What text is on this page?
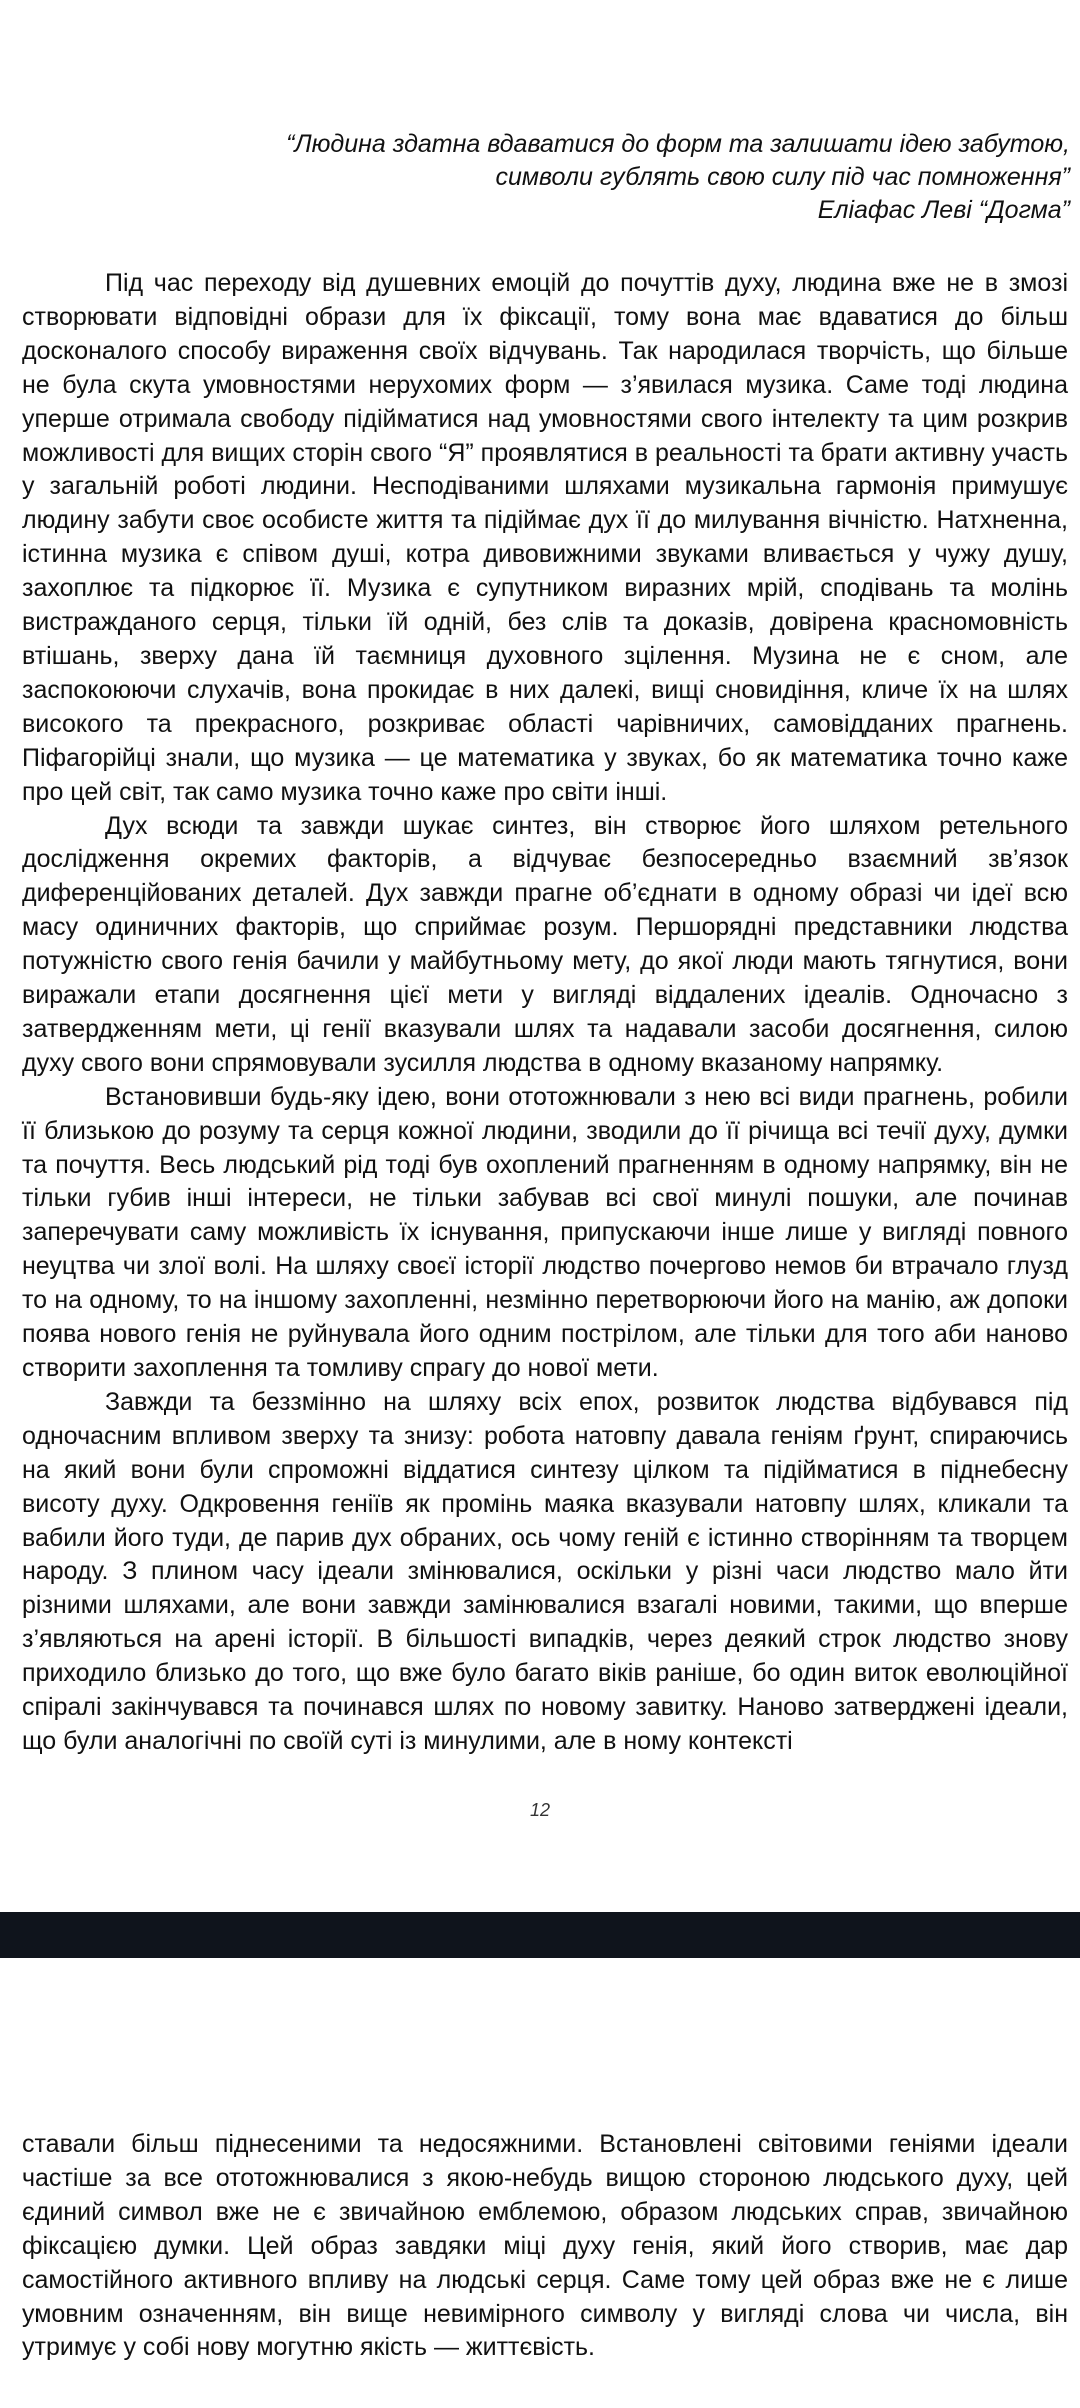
“Людина здатна вдаватися до форм та залишати ідею забутою,
символи гублять свою силу під час помноження”
Еліафас Леві “Догма”

Під час переходу від душевних емоцій до почуттів духу, людина вже не в змозі створювати відповідні образи для їх фіксації, тому вона має вдаватися до більш досконалого способу вираження своїх відчувань. Так народилася творчість, що більше не була скута умовностями нерухомих форм — з’явилася музика. Саме тоді людина уперше отримала свободу підійматися над умовностями свого інтелекту та цим розкрив можливості для вищих сторін свого “Я” проявлятися в реальності та брати активну участь у загальній роботі людини. Несподіваними шляхами музикальна гармонія примушує людину забути своє особисте життя та підіймає дух її до милування вічністю. Натхненна, істинна музика є співом душі, котра дивовижними звуками вливається у чужу душу, захоплює та підкорює її. Музика є супутником виразних мрій, сподівань та молінь вистражданого серця, тільки їй одній, без слів та доказів, довірена красномовність втішань, зверху дана їй таємниця духовного зцілення. Музина не є сном, але заспокоюючи слухачів, вона прокидає в них далекі, вищі сновидіння, кличе їх на шлях високого та прекрасного, розкриває області чарівничих, самовідданих прагнень. Піфагорійці знали, що музика — це математика у звуках, бо як математика точно каже про цей світ, так само музика точно каже про світи інші.

Дух всюди та завжди шукає синтез, він створює його шляхом ретельного дослідження окремих факторів, а відчуває безпосередньо взаємний зв’язок диференційованих деталей. Дух завжди прагне об’єднати в одному образі чи ідеї всю масу одиничних факторів, що сприймає розум. Першорядні представники людства потужністю свого генія бачили у майбутньому мету, до якої люди мають тягнутися, вони виражали етапи досягнення цієї мети у вигляді віддалених ідеалів. Одночасно з затвердженням мети, ці генії вказували шлях та надавали засоби досягнення, силою духу свого вони спрямовували зусилля людства в одному вказаному напрямку.

Встановивши будь-яку ідею, вони ототожнювали з нею всі види прагнень, робили її близькою до розуму та серця кожної людини, зводили до її річища всі течії духу, думки та почуття. Весь людський рід тоді був охоплений прагненням в одному напрямку, він не тільки губив інші інтереси, не тільки забував всі свої минулі пошуки, але починав заперечувати саму можливість їх існування, припускаючи інше лише у вигляді повного неуцтва чи злої волі. На шляху своєї історії людство почергово немов би втрачало глузд то на одному, то на іншому захопленні, незмінно перетворюючи його на манію, аж допоки поява нового генія не руйнувала його одним пострілом, але тільки для того аби наново створити захоплення та томливу спрагу до нової мети.

Завжди та беззмінно на шляху всіх епох, розвиток людства відбувався під одночасним впливом зверху та знизу: робота натовпу давала геніям ґрунт, спираючись на який вони були спроможні віддатися синтезу цілком та підійматися в піднебесну висоту духу. Одкровення геніїв як промінь маяка вказували натовпу шлях, кликали та вабили його туди, де парив дух обраних, ось чому геній є істинно створінням та творцем народу. З плином часу ідеали змінювалися, оскільки у різні часи людство мало йти різними шляхами, але вони завжди замінювалися взагалі новими, такими, що вперше з’являються на арені історії. В більшості випадків, через деякий строк людство знову приходило близько до того, що вже було багато віків раніше, бо один виток еволюційної спіралі закінчувався та починався шлях по новому завитку. Наново затверджені ідеали, що були аналогічні по своїй суті із минулими, але в ному контексті

12

ставали більш піднесеними та недосяжними. Встановлені світовими геніями ідеали частіше за все ототожнювалися з якою-небудь вищою стороною людського духу, цей єдиний символ вже не є звичайною емблемою, образом людських справ, звичайною фіксацією думки. Цей образ завдяки міці духу генія, який його створив, має дар самостійного активного впливу на людські серця. Саме тому цей образ вже не є лише умовним означенням, він вище невимірного символу у вигляді слова чи числа, він утримує у собі нову могутню якість — життєвість.
